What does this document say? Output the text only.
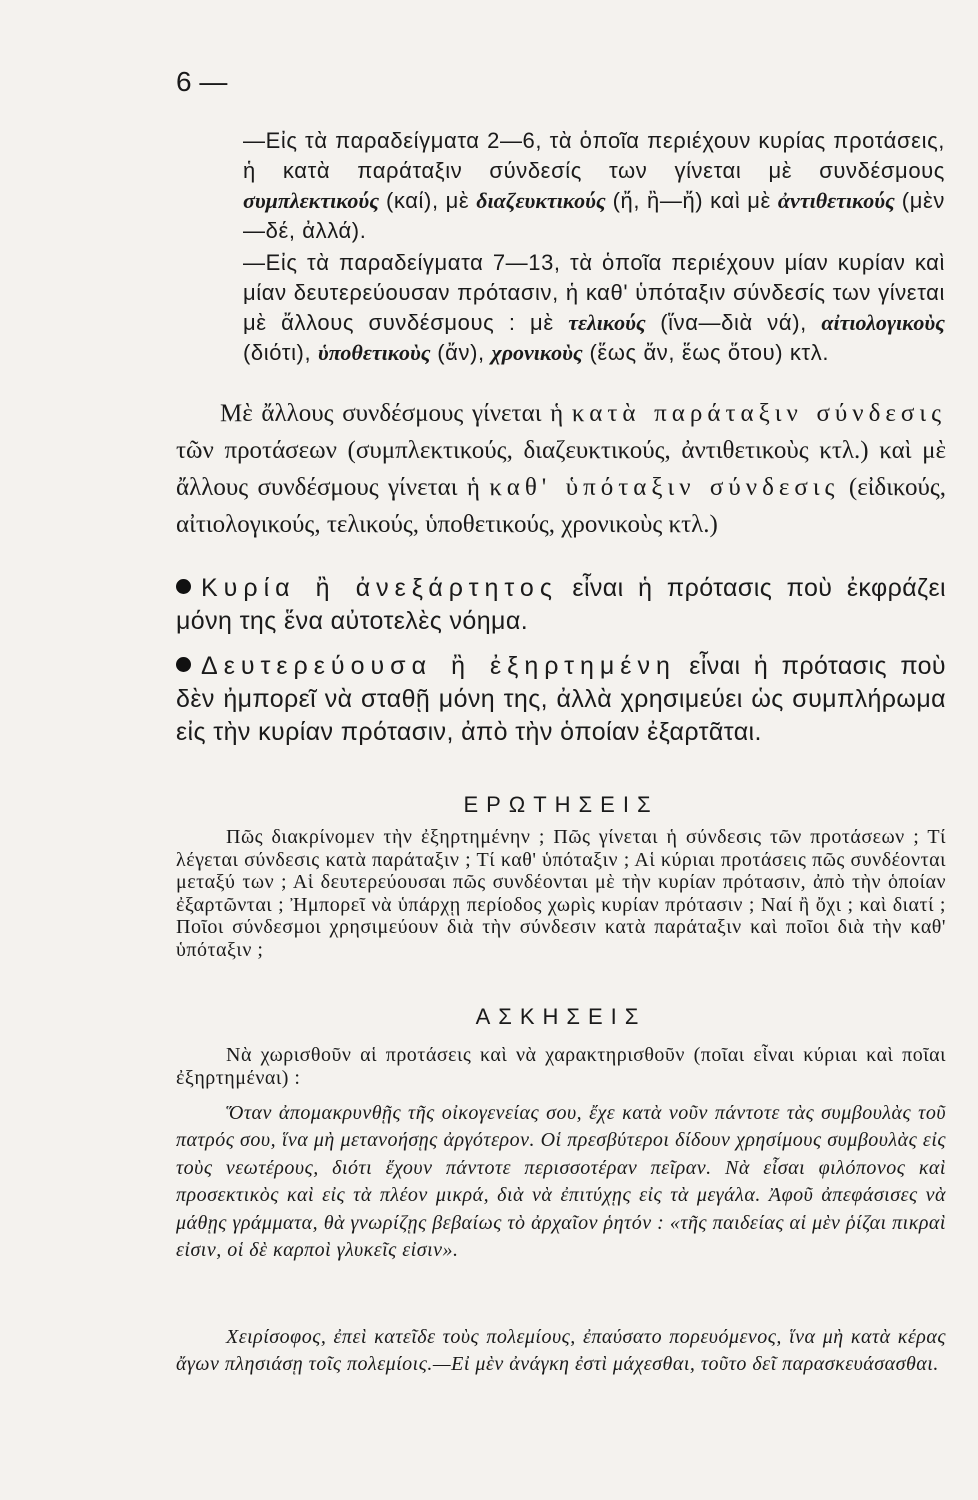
6 —

—Εἰς τὰ παραδείγματα 2—6, τὰ ὁποῖα περιέχουν κυρίας προτάσεις, ἡ κατὰ παράταξιν σύνδεσίς των γίνεται μὲ συνδέσμους συμπλεκτικούς (καί), μὲ διαζευκτικούς (ἤ, ἢ—ἤ) καὶ μὲ ἀντιθετικούς (μὲν—δέ, ἀλλά).

—Εἰς τὰ παραδείγματα 7—13, τὰ ὁποῖα περιέχουν μίαν κυρίαν καὶ μίαν δευτερεύουσαν πρότασιν, ἡ καθ' ὑπόταξιν σύνδεσίς των γίνεται μὲ ἄλλους συνδέσμους : μὲ τελικούς (ἵνα—διὰ νά), αἰτιολογικοὺς (διότι), ὑποθετικοὺς (ἄν), χρονικοὺς (ἕως ἄν, ἕως ὅτου) κτλ.

Μὲ ἄλλους συνδέσμους γίνεται ἡ κατὰ παράταξιν σύνδεσις τῶν προτάσεων (συμπλεκτικούς, διαζευκτικούς, ἀντιθετικοὺς κτλ.) καὶ μὲ ἄλλους συνδέσμους γίνεται ἡ καθ' ὑπόταξιν σύνδεσις (εἰδικούς, αἰτιολογικούς, τελικούς, ὑποθετικούς, χρονικοὺς κτλ.)

Κυρία ἢ ἀνεξάρτητος εἶναι ἡ πρότασις ποὺ ἐκφράζει μόνη της ἕνα αὐτοτελὲς νόημα.

Δευτερεύουσα ἢ ἐξηρτημένη εἶναι ἡ πρότασις ποὺ δὲν ἠμπορεῖ νὰ σταθῇ μόνη της, ἀλλὰ χρησιμεύει ὡς συμπλήρωμα εἰς τὴν κυρίαν πρότασιν, ἀπὸ τὴν ὁποίαν ἐξαρτᾶται.

ΕΡΩΤΗΣΕΙΣ

Πῶς διακρίνομεν τὴν ἐξηρτημένην ; Πῶς γίνεται ἡ σύνδεσις τῶν προτάσεων ; Τί λέγεται σύνδεσις κατὰ παράταξιν ; Τί καθ' ὑπόταξιν ; Αἱ κύριαι προτάσεις πῶς συνδέονται μεταξύ των ; Αἱ δευτερεύουσαι πῶς συνδέονται μὲ τὴν κυρίαν πρότασιν, ἀπὸ τὴν ὁποίαν ἐξαρτῶνται ; Ἠμπορεῖ νὰ ὑπάρχῃ περίοδος χωρὶς κυρίαν πρότασιν ; Ναί ἢ ὄχι ; καὶ διατί ; Ποῖοι σύνδεσμοι χρησιμεύουν διὰ τὴν σύνδεσιν κατὰ παράταξιν καὶ ποῖοι διὰ τὴν καθ' ὑπόταξιν ;

ΑΣΚΗΣΕΙΣ

Νὰ χωρισθοῦν αἱ προτάσεις καὶ νὰ χαρακτηρισθοῦν (ποῖαι εἶναι κύριαι καὶ ποῖαι ἐξηρτημέναι) :

Ὅταν ἀπομακρυνθῇς τῆς οἰκογενείας σου, ἔχε κατὰ νοῦν πάντοτε τὰς συμβουλὰς τοῦ πατρός σου, ἵνα μὴ μετανοήσῃς ἀργότερον. Οἱ πρεσβύτεροι δίδουν χρησίμους συμβουλὰς εἰς τοὺς νεωτέρους, διότι ἔχουν πάντοτε περισσοτέραν πεῖραν. Νὰ εἶσαι φιλόπονος καὶ προσεκτικὸς καὶ εἰς τὰ πλέον μικρά, διὰ νὰ ἐπιτύχῃς εἰς τὰ μεγάλα. Ἀφοῦ ἀπεφάσισες νὰ μάθῃς γράμματα, θὰ γνωρίζῃς βεβαίως τὸ ἀρχαῖον ῥητόν : «τῆς παιδείας αἱ μὲν ῥίζαι πικραὶ εἰσιν, οἱ δὲ καρποὶ γλυκεῖς εἰσιν».

Χειρίσοφος, ἐπεὶ κατεῖδε τοὺς πολεμίους, ἐπαύσατο πορευόμενος, ἵνα μὴ κατὰ κέρας ἄγων πλησιάσῃ τοῖς πολεμίοις.—Εἰ μὲν ἀνάγκη ἐστὶ μάχεσθαι, τοῦτο δεῖ παρασκευάσασθαι.
